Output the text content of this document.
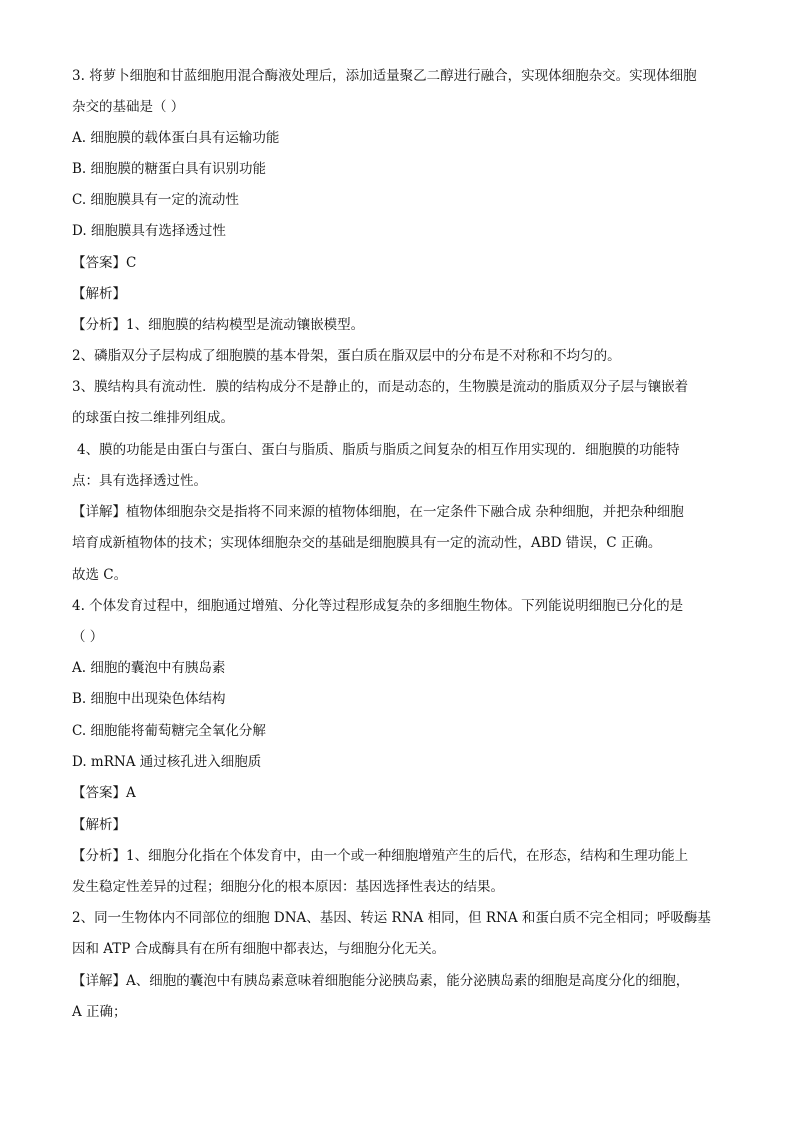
3. 将萝卜细胞和甘蓝细胞用混合酶液处理后，添加适量聚乙二醇进行融合，实现体细胞杂交。实现体细胞
杂交的基础是（ ）
A. 细胞膜的载体蛋白具有运输功能
B. 细胞膜的糖蛋白具有识别功能
C. 细胞膜具有一定的流动性
D. 细胞膜具有选择透过性
【答案】C
【解析】
【分析】1、细胞膜的结构模型是流动镶嵌模型。
2、磷脂双分子层构成了细胞膜的基本骨架，蛋白质在脂双层中的分布是不对称和不均匀的。
3、膜结构具有流动性．膜的结构成分不是静止的，而是动态的，生物膜是流动的脂质双分子层与镶嵌着
的球蛋白按二维排列组成。
4、膜的功能是由蛋白与蛋白、蛋白与脂质、脂质与脂质之间复杂的相互作用实现的．细胞膜的功能特
点：具有选择透过性。
【详解】植物体细胞杂交是指将不同来源的植物体细胞，在一定条件下融合成 杂种细胞，并把杂种细胞
培育成新植物体的技术；实现体细胞杂交的基础是细胞膜具有一定的流动性，ABD 错误，C 正确。
故选 C。
4. 个体发育过程中，细胞通过增殖、分化等过程形成复杂的多细胞生物体。下列能说明细胞已分化的是
（ ）
A. 细胞的囊泡中有胰岛素
B. 细胞中出现染色体结构
C. 细胞能将葡萄糖完全氧化分解
D. mRNA 通过核孔进入细胞质
【答案】A
【解析】
【分析】1、细胞分化指在个体发育中，由一个或一种细胞增殖产生的后代，在形态，结构和生理功能上
发生稳定性差异的过程；细胞分化的根本原因：基因选择性表达的结果。
2、同一生物体内不同部位的细胞 DNA、基因、转运 RNA 相同，但 RNA 和蛋白质不完全相同；呼吸酶基
因和 ATP 合成酶具有在所有细胞中都表达，与细胞分化无关。
【详解】A、细胞的囊泡中有胰岛素意味着细胞能分泌胰岛素，能分泌胰岛素的细胞是高度分化的细胞，
A 正确；
